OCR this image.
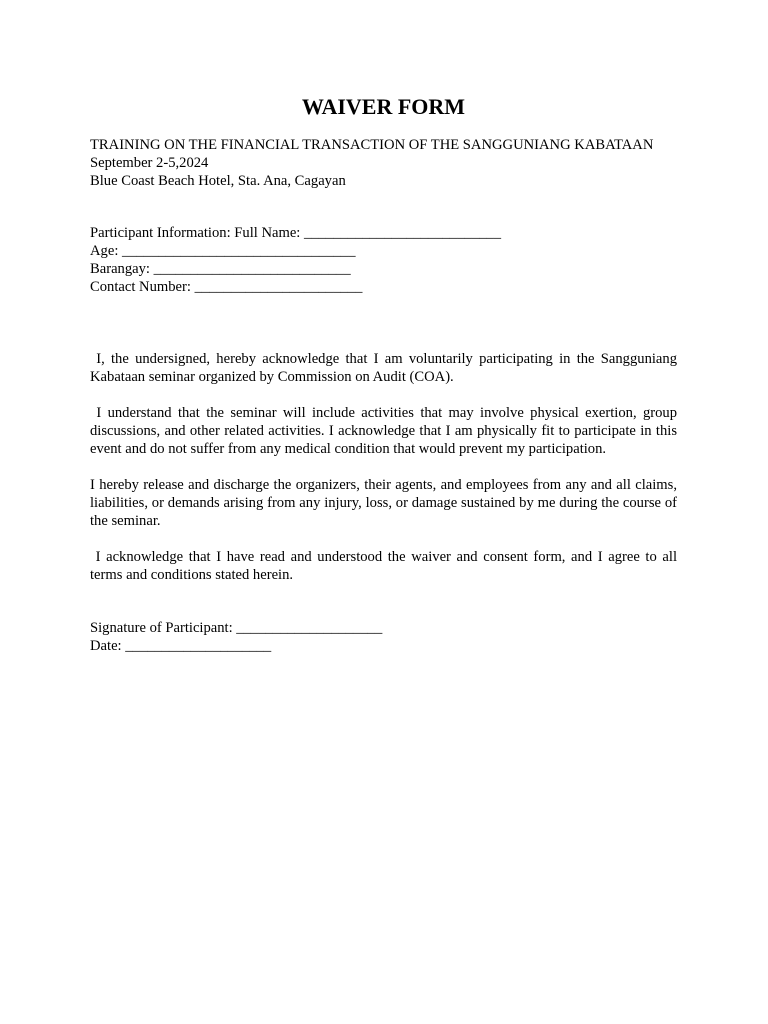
WAIVER FORM
TRAINING ON THE FINANCIAL TRANSACTION OF THE SANGGUNIANG KABATAAN
September 2-5,2024
Blue Coast Beach Hotel, Sta. Ana, Cagayan
Participant Information: Full Name: ___________________________
Age: ________________________________
Barangay: ___________________________
Contact Number: _______________________

I, the undersigned, hereby acknowledge that I am voluntarily participating in the Sangguniang Kabataan seminar organized by Commission on Audit (COA).

I understand that the seminar will include activities that may involve physical exertion, group discussions, and other related activities. I acknowledge that I am physically fit to participate in this event and do not suffer from any medical condition that would prevent my participation.

I hereby release and discharge the organizers, their agents, and employees from any and all claims, liabilities, or demands arising from any injury, loss, or damage sustained by me during the course of the seminar.

I acknowledge that I have read and understood the waiver and consent form, and I agree to all terms and conditions stated herein.

Signature of Participant: ____________________
Date: ____________________
